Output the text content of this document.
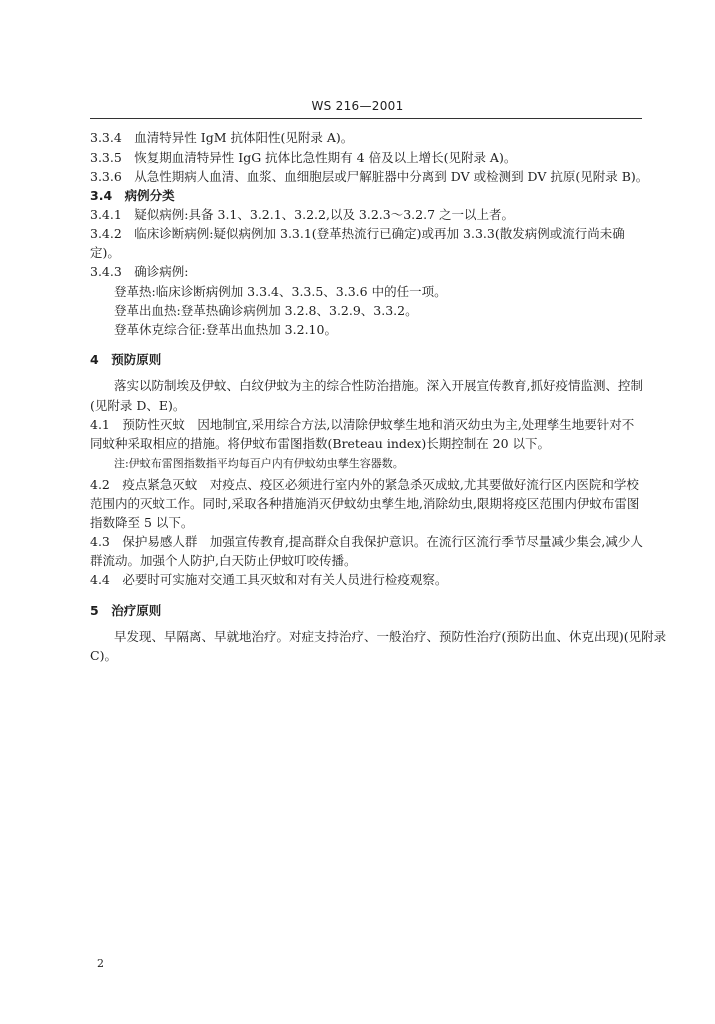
WS 216—2001
3.3.4　血清特异性 IgM 抗体阳性(见附录 A)。
3.3.5　恢复期血清特异性 IgG 抗体比急性期有 4 倍及以上增长(见附录 A)。
3.3.6　从急性期病人血清、血浆、血细胞层或尸解脏器中分离到 DV 或检测到 DV 抗原(见附录 B)。
3.4　病例分类
3.4.1　疑似病例:具备 3.1、3.2.1、3.2.2,以及 3.2.3～3.2.7 之一以上者。
3.4.2　临床诊断病例:疑似病例加 3.3.1(登革热流行已确定)或再加 3.3.3(散发病例或流行尚未确
定)。
3.4.3　确诊病例:
登革热:临床诊断病例加 3.3.4、3.3.5、3.3.6 中的任一项。
登革出血热:登革热确诊病例加 3.2.8、3.2.9、3.3.2。
登革休克综合征:登革出血热加 3.2.10。
4　预防原则
落实以防制埃及伊蚊、白纹伊蚊为主的综合性防治措施。深入开展宣传教育,抓好疫情监测、控制
(见附录 D、E)。
4.1　预防性灭蚊　因地制宜,采用综合方法,以清除伊蚊孳生地和消灭幼虫为主,处理孳生地要针对不
同蚊种采取相应的措施。将伊蚊布雷图指数(Breteau index)长期控制在 20 以下。
注:伊蚊布雷图指数指平均每百户内有伊蚊幼虫孳生容器数。
4.2　疫点紧急灭蚊　对疫点、疫区必须进行室内外的紧急杀灭成蚊,尤其要做好流行区内医院和学校
范围内的灭蚊工作。同时,采取各种措施消灭伊蚊幼虫孳生地,消除幼虫,限期将疫区范围内伊蚊布雷图
指数降至 5 以下。
4.3　保护易感人群　加强宣传教育,提高群众自我保护意识。在流行区流行季节尽量减少集会,减少人
群流动。加强个人防护,白天防止伊蚊叮咬传播。
4.4　必要时可实施对交通工具灭蚊和对有关人员进行检疫观察。
5　治疗原则
早发现、早隔离、早就地治疗。对症支持治疗、一般治疗、预防性治疗(预防出血、休克出现)(见附录
C)。
2
